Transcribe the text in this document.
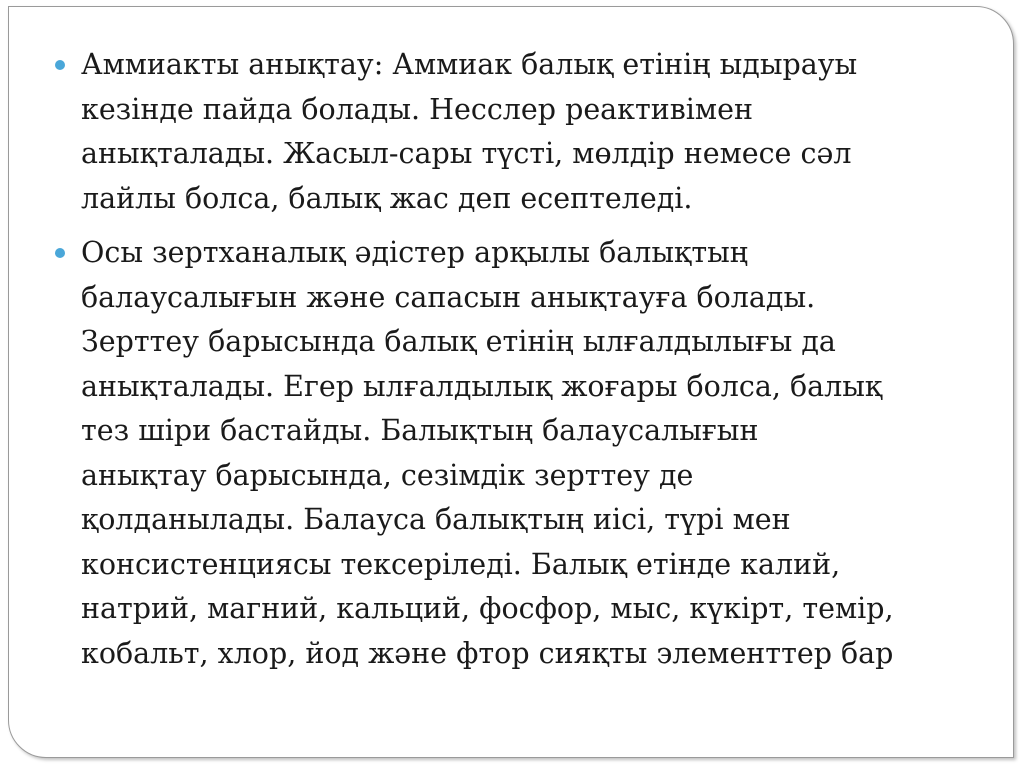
Аммиакты анықтау: Аммиак балық етінің ыдырауы
кезінде пайда болады. Несслер реактивімен
анықталады. Жасыл-сары түсті, мөлдір немесе сәл
лайлы болса, балық жас деп есептеледі.
Осы зертханалық әдістер арқылы балықтың
балаусалығын және сапасын анықтауға болады.
Зерттеу барысында балық етінің ылғалдылығы да
анықталады. Егер ылғалдылық жоғары болса, балық
тез шіри бастайды. Балықтың балаусалығын
анықтау барысында, сезімдік зерттеу де
қолданылады. Балауса балықтың иісі, түрі мен
консистенциясы тексеріледі. Балық етінде калий,
натрий, магний, кальций, фосфор, мыс, күкірт, темір,
кобальт, хлор, йод және фтор сияқты элементтер бар
